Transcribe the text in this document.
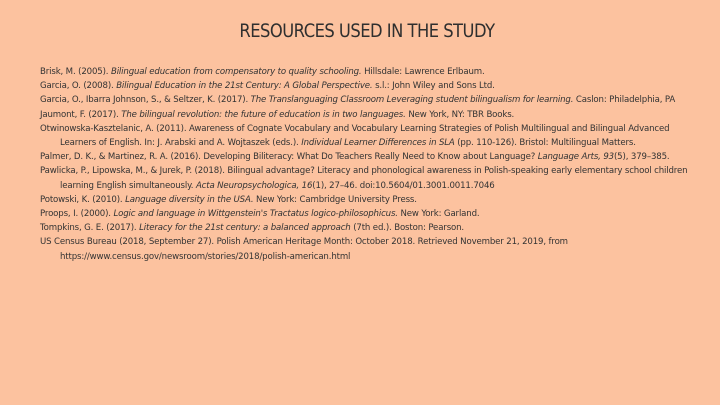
RESOURCES USED IN THE STUDY
Brisk, M. (2005). Bilingual education from compensatory to quality schooling. Hillsdale: Lawrence Erlbaum.
Garcia, O. (2008). Bilingual Education in the 21st Century: A Global Perspective. s.l.: John Wiley and Sons Ltd.
Garcia, O., Ibarra Johnson, S., & Seltzer, K. (2017). The Translanguaging Classroom Leveraging student bilingualism for learning. Caslon: Philadelphia, PA
Jaumont, F. (2017). The bilingual revolution: the future of education is in two languages. New York, NY: TBR Books.
Otwinowska-Kasztelanic, A. (2011). Awareness of Cognate Vocabulary and Vocabulary Learning Strategies of Polish Multilingual and Bilingual Advanced Learners of English. In: J. Arabski and A. Wojtaszek (eds.). Individual Learner Differences in SLA (pp. 110-126). Bristol: Multilingual Matters.
Palmer, D. K., & Martinez, R. A. (2016). Developing Biliteracy: What Do Teachers Really Need to Know about Language? Language Arts, 93(5), 379–385.
Pawlicka, P., Lipowska, M., & Jurek, P. (2018). Bilingual advantage? Literacy and phonological awareness in Polish-speaking early elementary school children learning English simultaneously. Acta Neuropsychologica, 16(1), 27–46. doi:10.5604/01.3001.0011.7046
Potowski, K. (2010). Language diversity in the USA. New York: Cambridge University Press.
Proops, I. (2000). Logic and language in Wittgenstein's Tractatus logico-philosophicus. New York: Garland.
Tompkins, G. E. (2017). Literacy for the 21st century: a balanced approach (7th ed.). Boston: Pearson.
US Census Bureau (2018, September 27). Polish American Heritage Month: October 2018. Retrieved November 21, 2019, from https://www.census.gov/newsroom/stories/2018/polish-american.html
